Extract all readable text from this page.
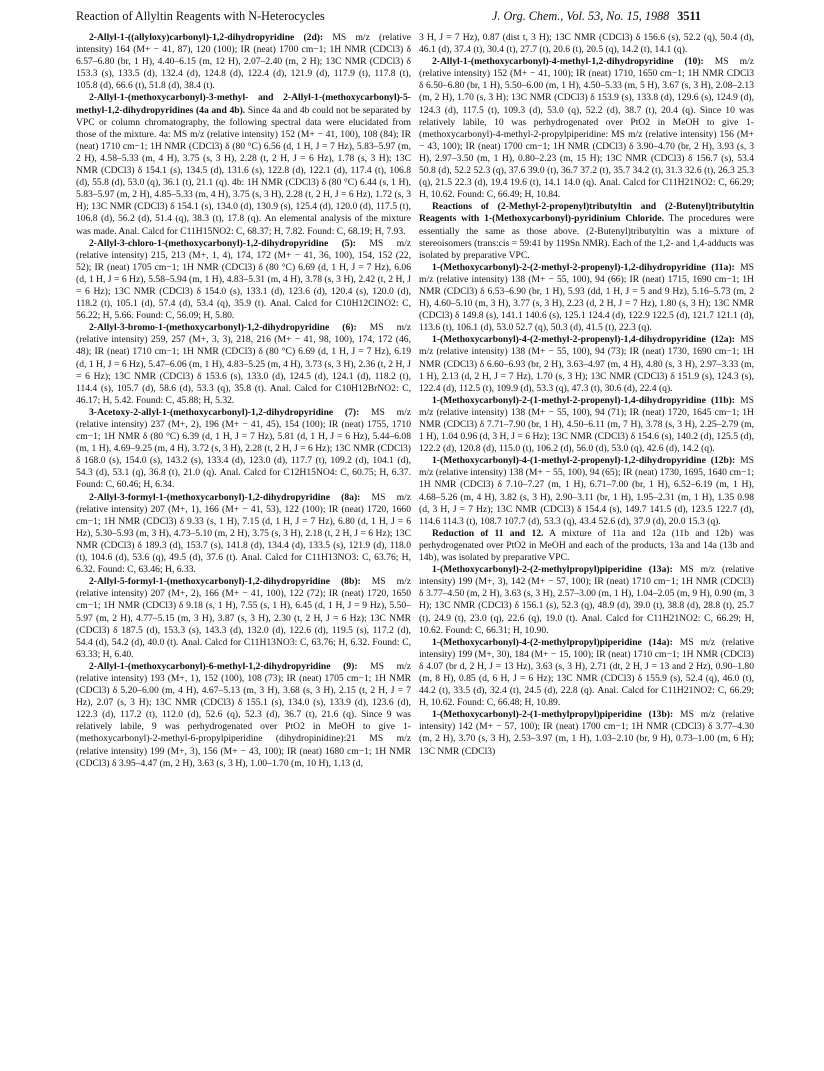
Reaction of Allyltin Reagents with N-Heterocycles	J. Org. Chem., Vol. 53, No. 15, 1988 3511

2-Allyl-1-((allyloxy)carbonyl)-1,2-dihydropyridine (2d): MS m/z (relative intensity) 164 (M+ − 41, 87), 120 (100); IR (neat) 1700 cm−1; 1H NMR (CDCl3) δ 6.57–6.80 (br, 1 H), 4.40–6.15 (m, 12 H), 2.07–2.40 (m, 2 H); 13C NMR (CDCl3) δ 153.3 (s), 133.5 (d), 132.4 (d), 124.8 (d), 122.4 (d), 121.9 (d), 117.9 (t), 117.8 (t), 105.8 (d), 66.6 (t), 51.8 (d), 38.4 (t).

2-Allyl-1-(methoxycarbonyl)-3-methyl- and 2-Allyl-1-(methoxycarbonyl)-5-methyl-1,2-dihydropyridines (4a and 4b). Since 4a and 4b could not be separated by VPC or column chromatography, the following spectral data were elucidated from those of the mixture. 4a: MS m/z (relative intensity) 152 (M+ − 41, 100), 108 (84); IR (neat) 1710 cm−1; 1H NMR (CDCl3) δ (80 °C) 6.56 (d, 1 H, J = 7 Hz), 5.83–5.97 (m, 2 H), 4.58–5.33 (m, 4 H), 3.75 (s, 3 H), 2.28 (t, 2 H, J = 6 Hz), 1.78 (s, 3 H); 13C NMR (CDCl3) δ 154.1 (s), 134.5 (d), 131.6 (s), 122.8 (d), 122.1 (d), 117.4 (t), 106.8 (d), 55.8 (d), 53.0 (q), 36.1 (t), 21.1 (q). 4b: 1H NMR (CDCl3) δ (80 °C) 6.44 (s, 1 H), 5.83–5.97 (m, 2 H), 4.85–5.33 (m, 4 H), 3.75 (s, 3 H), 2.28 (t, 2 H, J = 6 Hz), 1.72 (s, 3 H); 13C NMR (CDCl3) δ 154.1 (s), 134.0 (d), 130.9 (s), 125.4 (d), 120.0 (d), 117.5 (t), 106.8 (d), 56.2 (d), 51.4 (q), 38.3 (t), 17.8 (q). An elemental analysis of the mixture was made. Anal. Calcd for C11H15NO2: C, 68.37; H, 7.82. Found: C, 68.19; H, 7.93.

2-Allyl-3-chloro-1-(methoxycarbonyl)-1,2-dihydropyridine (5): MS m/z (relative intensity) 215, 213 (M+, 1, 4), 174, 172 (M+ − 41, 36, 100), 154, 152 (22, 52); IR (neat) 1705 cm−1; 1H NMR (CDCl3) δ (80 °C) 6.69 (d, 1 H, J = 7 Hz), 6.06 (d, 1 H, J = 6 Hz), 5.58–5.94 (m, 1 H), 4.83–5.31 (m, 4 H), 3.78 (s, 3 H), 2.42 (t, 2 H, J = 6 Hz); 13C NMR (CDCl3) δ 154.0 (s), 133.1 (d), 123.6 (d), 120.4 (s), 120.0 (d), 118.2 (t), 105.1 (d), 57.4 (d), 53.4 (q), 35.9 (t). Anal. Calcd for C10H12ClNO2: C, 56.22; H, 5.66. Found: C, 56.09; H, 5.80.

2-Allyl-3-bromo-1-(methoxycarbonyl)-1,2-dihydropyridine (6): MS m/z (relative intensity) 259, 257 (M+, 3, 3), 218, 216 (M+ − 41, 98, 100), 174, 172 (46, 48); IR (neat) 1710 cm−1; 1H NMR (CDCl3) δ (80 °C) 6.69 (d, 1 H, J = 7 Hz), 6.19 (d, 1 H, J = 6 Hz), 5.47–6.06 (m, 1 H), 4.83–5.25 (m, 4 H), 3.73 (s, 3 H), 2.36 (t, 2 H, J = 6 Hz); 13C NMR (CDCl3) δ 153.6 (s), 133.0 (d), 124.5 (d), 124.1 (d), 118.2 (t), 114.4 (s), 105.7 (d), 58.6 (d), 53.3 (q), 35.8 (t). Anal. Calcd for C10H12BrNO2: C, 46.17; H, 5.42. Found: C, 45.88; H, 5.32.

3-Acetoxy-2-allyl-1-(methoxycarbonyl)-1,2-dihydropyridine (7): MS m/z (relative intensity) 237 (M+, 2), 196 (M+ − 41, 45), 154 (100); IR (neat) 1755, 1710 cm−1; 1H NMR δ (80 °C) 6.39 (d, 1 H, J = 7 Hz), 5.81 (d, 1 H, J = 6 Hz), 5.44–6.08 (m, 1 H), 4.69–9.25 (m, 4 H), 3.72 (s, 3 H), 2.28 (t, 2 H, J = 6 Hz); 13C NMR (CDCl3) δ 168.0 (s), 154.0 (s), 143.2 (s), 133.4 (d), 123.0 (d), 117.7 (t), 109.2 (d), 104.1 (d), 54.3 (d), 53.1 (q), 36.8 (t), 21.0 (q). Anal. Calcd for C12H15NO4: C, 60.75; H, 6.37. Found: C, 60.46; H, 6.34.

2-Allyl-3-formyl-1-(methoxycarbonyl)-1,2-dihydropyridine (8a): MS m/z (relative intensity) 207 (M+, 1), 166 (M+ − 41, 53), 122 (100); IR (neat) 1720, 1660 cm−1; 1H NMR (CDCl3) δ 9.33 (s, 1 H), 7.15 (d, 1 H, J = 7 Hz), 6.80 (d, 1 H, J = 6 Hz), 5.30–5.93 (m, 3 H), 4.73–5.10 (m, 2 H), 3.75 (s, 3 H), 2.18 (t, 2 H, J = 6 Hz); 13C NMR (CDCl3) δ 189.3 (d), 153.7 (s), 141.8 (d), 134.4 (d), 133.5 (s), 121.9 (d), 118.0 (t), 104.6 (d), 53.6 (q), 49.5 (d), 37.6 (t). Anal. Calcd for C11H13NO3: C, 63.76; H, 6.32. Found: C, 63.46; H, 6.33.

2-Allyl-5-formyl-1-(methoxycarbonyl)-1,2-dihydropyridine (8b): MS m/z (relative intensity) 207 (M+, 2), 166 (M+ − 41, 100), 122 (72); IR (neat) 1720, 1650 cm−1; 1H NMR (CDCl3) δ 9.18 (s, 1 H), 7.55 (s, 1 H), 6.45 (d, 1 H, J = 9 Hz), 5.50–5.97 (m, 2 H), 4.77–5.15 (m, 3 H), 3.87 (s, 3 H), 2.30 (t, 2 H, J = 6 Hz); 13C NMR (CDCl3) δ 187.5 (d), 153.3 (s), 143.3 (d), 132.0 (d), 122.6 (d), 119.5 (s), 117.2 (d), 54.4 (d), 54.2 (d), 40.0 (t). Anal. Calcd for C11H13NO3: C, 63.76; H, 6.32. Found: C, 63.33; H, 6.40.

2-Allyl-1-(methoxycarbonyl)-6-methyl-1,2-dihydropyridine (9): MS m/z (relative intensity) 193 (M+, 1), 152 (100), 108 (73); IR (neat) 1705 cm−1; 1H NMR (CDCl3) δ 5.20–6.00 (m, 4 H), 4.67–5.13 (m, 3 H), 3.68 (s, 3 H), 2.15 (t, 2 H, J = 7 Hz), 2.07 (s, 3 H); 13C NMR (CDCl3) δ 155.1 (s), 134.0 (s), 133.9 (d), 123.6 (d), 122.3 (d), 117.2 (t), 112.0 (d), 52.6 (q), 52.3 (d), 36.7 (t), 21.6 (q). Since 9 was relatively labile, 9 was perhydrogenated over PtO2 in MeOH to give 1-(methoxycarbonyl)-2-methyl-6-propylpiperidine (dihydropinidine):21 MS m/z (relative intensity) 199 (M+, 3), 156 (M+ − 43, 100); IR (neat) 1680 cm−1; 1H NMR (CDCl3) δ 3.95–4.47 (m, 2 H), 3.63 (s, 3 H), 1.00–1.70 (m, 10 H), 1.13 (d,

3 H, J = 7 Hz), 0.87 (dist t, 3 H); 13C NMR (CDCl3) δ 156.6 (s), 52.2 (q), 50.4 (d), 46.1 (d), 37.4 (t), 30.4 (t), 27.7 (t), 20.6 (t), 20.5 (q), 14.2 (t), 14.1 (q).

2-Allyl-1-(methoxycarbonyl)-4-methyl-1,2-dihydropyridine (10): MS m/z (relative intensity) 152 (M+ − 41, 100); IR (neat) 1710, 1650 cm−1; 1H NMR CDCl3 δ 6.50–6.80 (br, 1 H), 5.50–6.00 (m, 1 H), 4.50–5.33 (m, 5 H), 3.67 (s, 3 H), 2.08–2.13 (m, 2 H), 1.70 (s, 3 H); 13C NMR (CDCl3) δ 153.9 (s), 133.8 (d), 129.6 (s), 124.9 (d), 124.3 (d), 117.5 (t), 109.3 (d), 53.0 (q), 52.2 (d), 38.7 (t), 20.4 (q). Since 10 was relatively labile, 10 was perhydrogenated over PtO2 in MeOH to give 1-(methoxycarbonyl)-4-methyl-2-propylpiperidine: MS m/z (relative intensity) 156 (M+ − 43, 100); IR (neat) 1700 cm−1; 1H NMR (CDCl3) δ 3.90–4.70 (br, 2 H), 3.93 (s, 3 H), 2.97–3.50 (m, 1 H), 0.80–2.23 (m, 15 H); 13C NMR (CDCl3) δ 156.7 (s), 53.4 50.8 (d), 52.2 52.3 (q), 37.6 39.0 (t), 36.7 37.2 (t), 35.7 34.2 (t), 31.3 32.6 (t), 26.3 25.3 (q), 21.5 22.3 (d), 19.4 19.6 (t), 14.1 14.0 (q). Anal. Calcd for C11H21NO2: C, 66.29; H, 10.62. Found: C, 66.49; H, 10.84.

Reactions of (2-Methyl-2-propenyl)tributyltin and (2-Butenyl)tributyltin Reagents with 1-(Methoxycarbonyl)-pyridinium Chloride. The procedures were essentially the same as those above. (2-Butenyl)tributyltin was a mixture of stereoisomers (trans:cis = 59:41 by 119Sn NMR). Each of the 1,2- and 1,4-adducts was isolated by preparative VPC.

1-(Methoxycarbonyl)-2-(2-methyl-2-propenyl)-1,2-dihydropyridine (11a): MS m/z (relative intensity) 138 (M+ − 55, 100), 94 (66); IR (neat) 1715, 1690 cm−1; 1H NMR (CDCl3) δ 6.53–6.90 (br, 1 H), 5.93 (dd, 1 H, J = 5 and 9 Hz), 5.16–5.73 (m, 2 H), 4.60–5.10 (m, 3 H), 3.77 (s, 3 H), 2.23 (d, 2 H, J = 7 Hz), 1.80 (s, 3 H); 13C NMR (CDCl3) δ 149.8 (s), 141.1 140.6 (s), 125.1 124.4 (d), 122.9 122.5 (d), 121.7 121.1 (d), 113.6 (t), 106.1 (d), 53.0 52.7 (q), 50.3 (d), 41.5 (t), 22.3 (q).

1-(Methoxycarbonyl)-4-(2-methyl-2-propenyl)-1,4-dihydropyridine (12a): MS m/z (relative intensity) 138 (M+ − 55, 100), 94 (73); IR (neat) 1730, 1690 cm−1; 1H NMR (CDCl3) δ 6.60–6.93 (br, 2 H), 3.63–4.97 (m, 4 H), 4.80 (s, 3 H), 2.97–3.33 (m, 1 H), 2.13 (d, 2 H, J = 7 Hz), 1.70 (s, 3 H); 13C NMR (CDCl3) δ 151.9 (s), 124.3 (s), 122.4 (d), 112.5 (t), 109.9 (d), 53.3 (q), 47.3 (t), 30.6 (d), 22.4 (q).

1-(Methoxycarbonyl)-2-(1-methyl-2-propenyl)-1,4-dihydropyridine (11b): MS m/z (relative intensity) 138 (M+ − 55, 100), 94 (71); IR (neat) 1720, 1645 cm−1; 1H NMR (CDCl3) δ 7.71–7.90 (br, 1 H), 4.50–6.11 (m, 7 H), 3.78 (s, 3 H), 2.25–2.79 (m, 1 H), 1.04 0.96 (d, 3 H, J = 6 Hz); 13C NMR (CDCl3) δ 154.6 (s), 140.2 (d), 125.5 (d), 122.2 (d), 120.8 (d), 115.0 (t), 106.2 (d), 56.0 (d), 53.0 (q), 42.6 (d), 14.2 (q).

1-(Methoxycarbonyl)-4-(1-methyl-2-propenyl)-1,2-dihydropyridine (12b): MS m/z (relative intensity) 138 (M+ − 55, 100), 94 (65); IR (neat) 1730, 1695, 1640 cm−1; 1H NMR (CDCl3) δ 7.10–7.27 (m, 1 H), 6.71–7.00 (br, 1 H), 6.52–6.19 (m, 1 H), 4.68–5.26 (m, 4 H), 3.82 (s, 3 H), 2.90–3.11 (br, 1 H), 1.95–2.31 (m, 1 H), 1.35 0.98 (d, 3 H, J = 7 Hz); 13C NMR (CDCl3) δ 154.4 (s), 149.7 141.5 (d), 123.5 122.7 (d), 114.6 114.3 (t), 108.7 107.7 (d), 53.3 (q), 43.4 52.6 (d), 37.9 (d), 20.0 15.3 (q).

Reduction of 11 and 12. A mixture of 11a and 12a (11b and 12b) was perhydrogenated over PtO2 in MeOH and each of the products, 13a and 14a (13b and 14b), was isolated by preparative VPC.

1-(Methoxycarbonyl)-2-(2-methylpropyl)piperidine (13a): MS m/z (relative intensity) 199 (M+, 3), 142 (M+ − 57, 100); IR (neat) 1710 cm−1; 1H NMR (CDCl3) δ 3.77–4.50 (m, 2 H), 3.63 (s, 3 H), 2.57–3.00 (m, 1 H), 1.04–2.05 (m, 9 H), 0.90 (m, 3 H); 13C NMR (CDCl3) δ 156.1 (s), 52.3 (q), 48.9 (d), 39.0 (t), 38.8 (d), 28.8 (t), 25.7 (t), 24.9 (t), 23.0 (q), 22.6 (q), 19.0 (t). Anal. Calcd for C11H21NO2: C, 66.29; H, 10.62. Found: C, 66.31; H, 10.90.

1-(Methoxycarbonyl)-4-(2-methylpropyl)piperidine (14a): MS m/z (relative intensity) 199 (M+, 30), 184 (M+ − 15, 100); IR (neat) 1710 cm−1; 1H NMR (CDCl3) δ 4.07 (br d, 2 H, J = 13 Hz), 3.63 (s, 3 H), 2.71 (dt, 2 H, J = 13 and 2 Hz), 0.90–1.80 (m, 8 H), 0.85 (d, 6 H, J = 6 Hz); 13C NMR (CDCl3) δ 155.9 (s), 52.4 (q), 46.0 (t), 44.2 (t), 33.5 (d), 32.4 (t), 24.5 (d), 22.8 (q). Anal. Calcd for C11H21NO2: C, 66.29; H, 10.62. Found: C, 66.48; H, 10.89.

1-(Methoxycarbonyl)-2-(1-methylpropyl)piperidine (13b): MS m/z (relative intensity) 142 (M+ − 57, 100); IR (neat) 1700 cm−1; 1H NMR (CDCl3) δ 3.77–4.30 (m, 2 H), 3.70 (s, 3 H), 2.53–3.97 (m, 1 H), 1.03–2.10 (br, 9 H), 0.73–1.00 (m, 6 H); 13C NMR (CDCl3)
